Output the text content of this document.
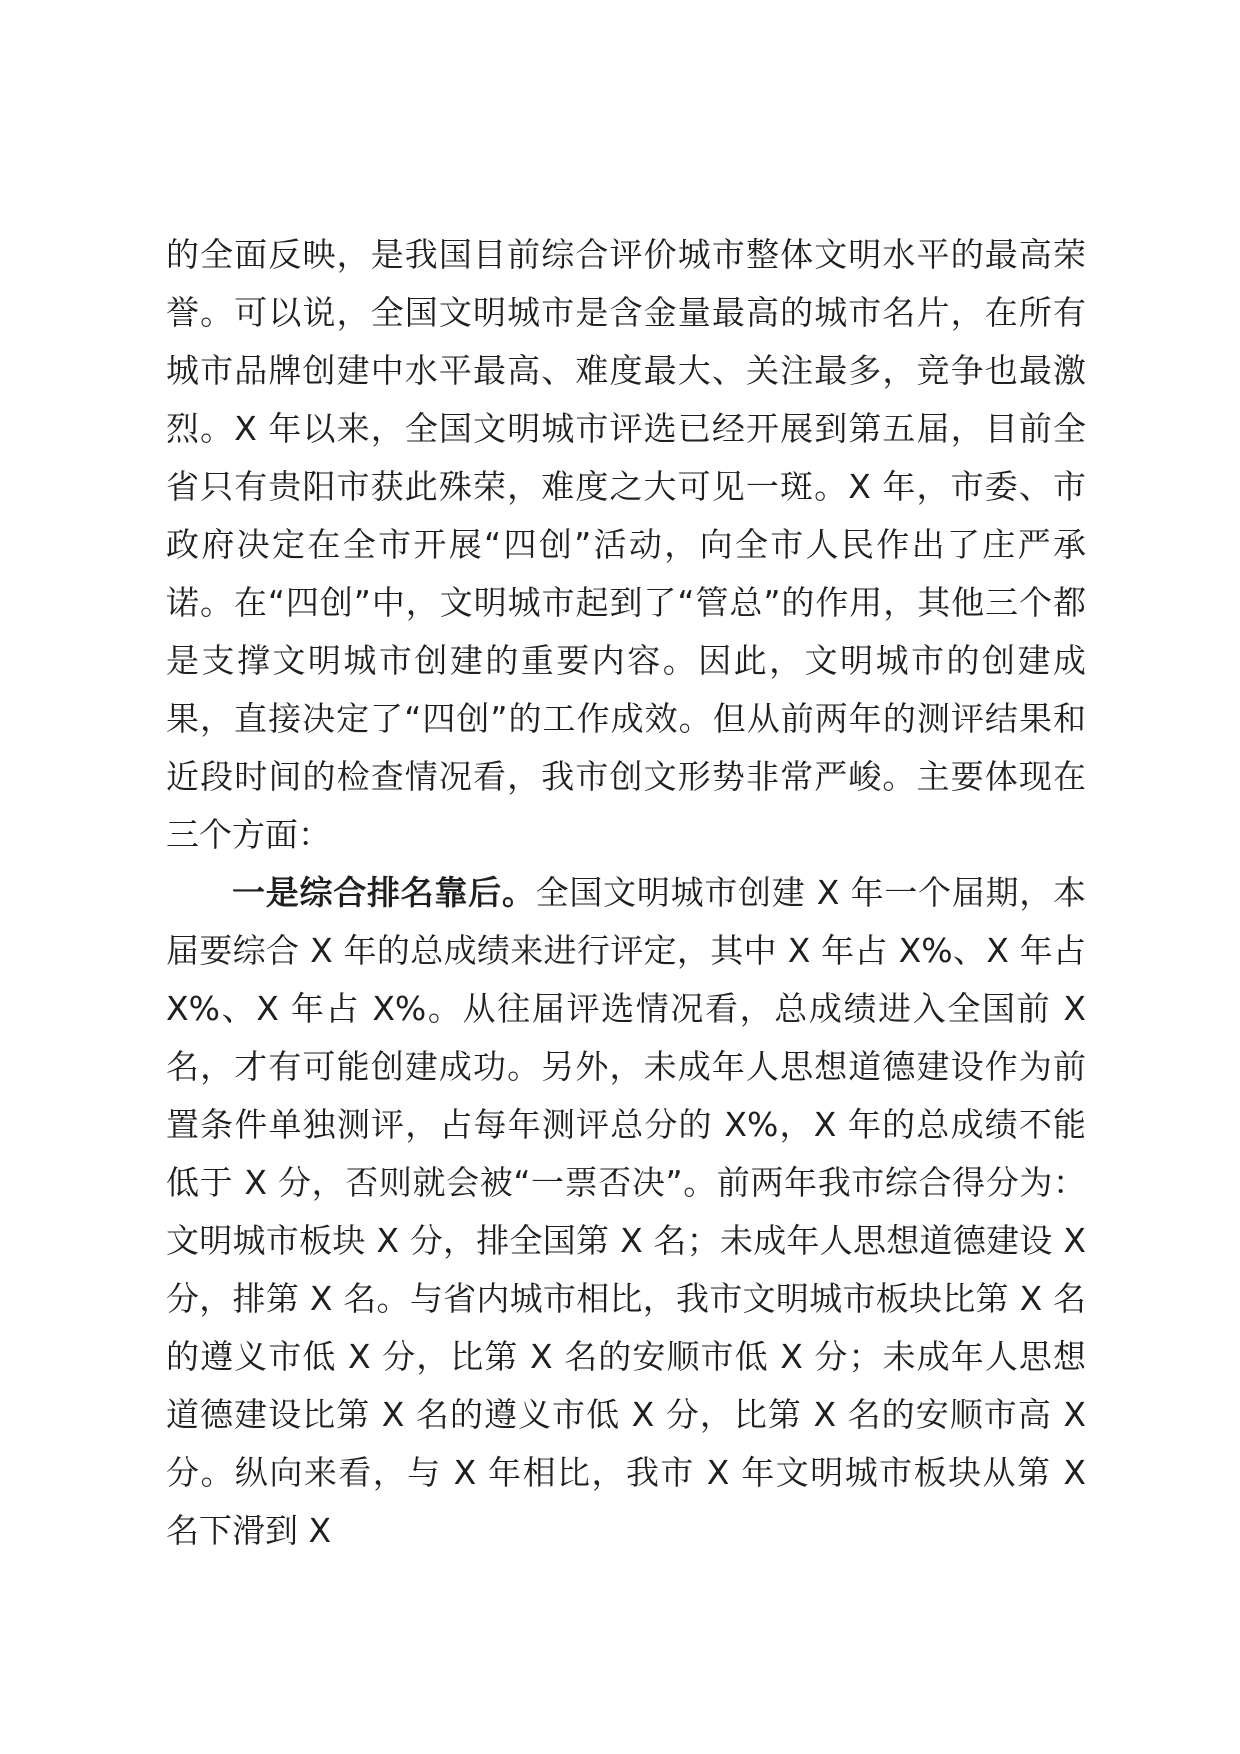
的全面反映，是我国目前综合评价城市整体文明水平的最高荣誉。可以说，全国文明城市是含金量最高的城市名片，在所有城市品牌创建中水平最高、难度最大、关注最多，竞争也最激烈。X 年以来，全国文明城市评选已经开展到第五届，目前全省只有贵阳市获此殊荣，难度之大可见一斑。X 年，市委、市政府决定在全市开展“四创”活动，向全市人民作出了庄严承诺。在“四创”中，文明城市起到了“管总”的作用，其他三个都是支撑文明城市创建的重要内容。因此，文明城市的创建成果，直接决定了“四创”的工作成效。但从前两年的测评结果和近段时间的检查情况看，我市创文形势非常严峻。主要体现在三个方面：

一是综合排名靠后。全国文明城市创建 X 年一个届期，本届要综合 X 年的总成绩来进行评定，其中 X 年占 X%、X 年占 X%、X 年占 X%。从往届评选情况看，总成绩进入全国前 X 名，才有可能创建成功。另外，未成年人思想道德建设作为前置条件单独测评，占每年测评总分的 X%，X 年的总成绩不能低于 X 分，否则就会被“一票否决”。前两年我市综合得分为：文明城市板块 X 分，排全国第 X 名；未成年人思想道德建设 X 分，排第 X 名。与省内城市相比，我市文明城市板块比第 X 名的遵义市低 X 分，比第 X 名的安顺市低 X 分；未成年人思想道德建设比第 X 名的遵义市低 X 分，比第 X 名的安顺市高 X 分。纵向来看，与 X 年相比，我市 X 年文明城市板块从第 X 名下滑到 X
